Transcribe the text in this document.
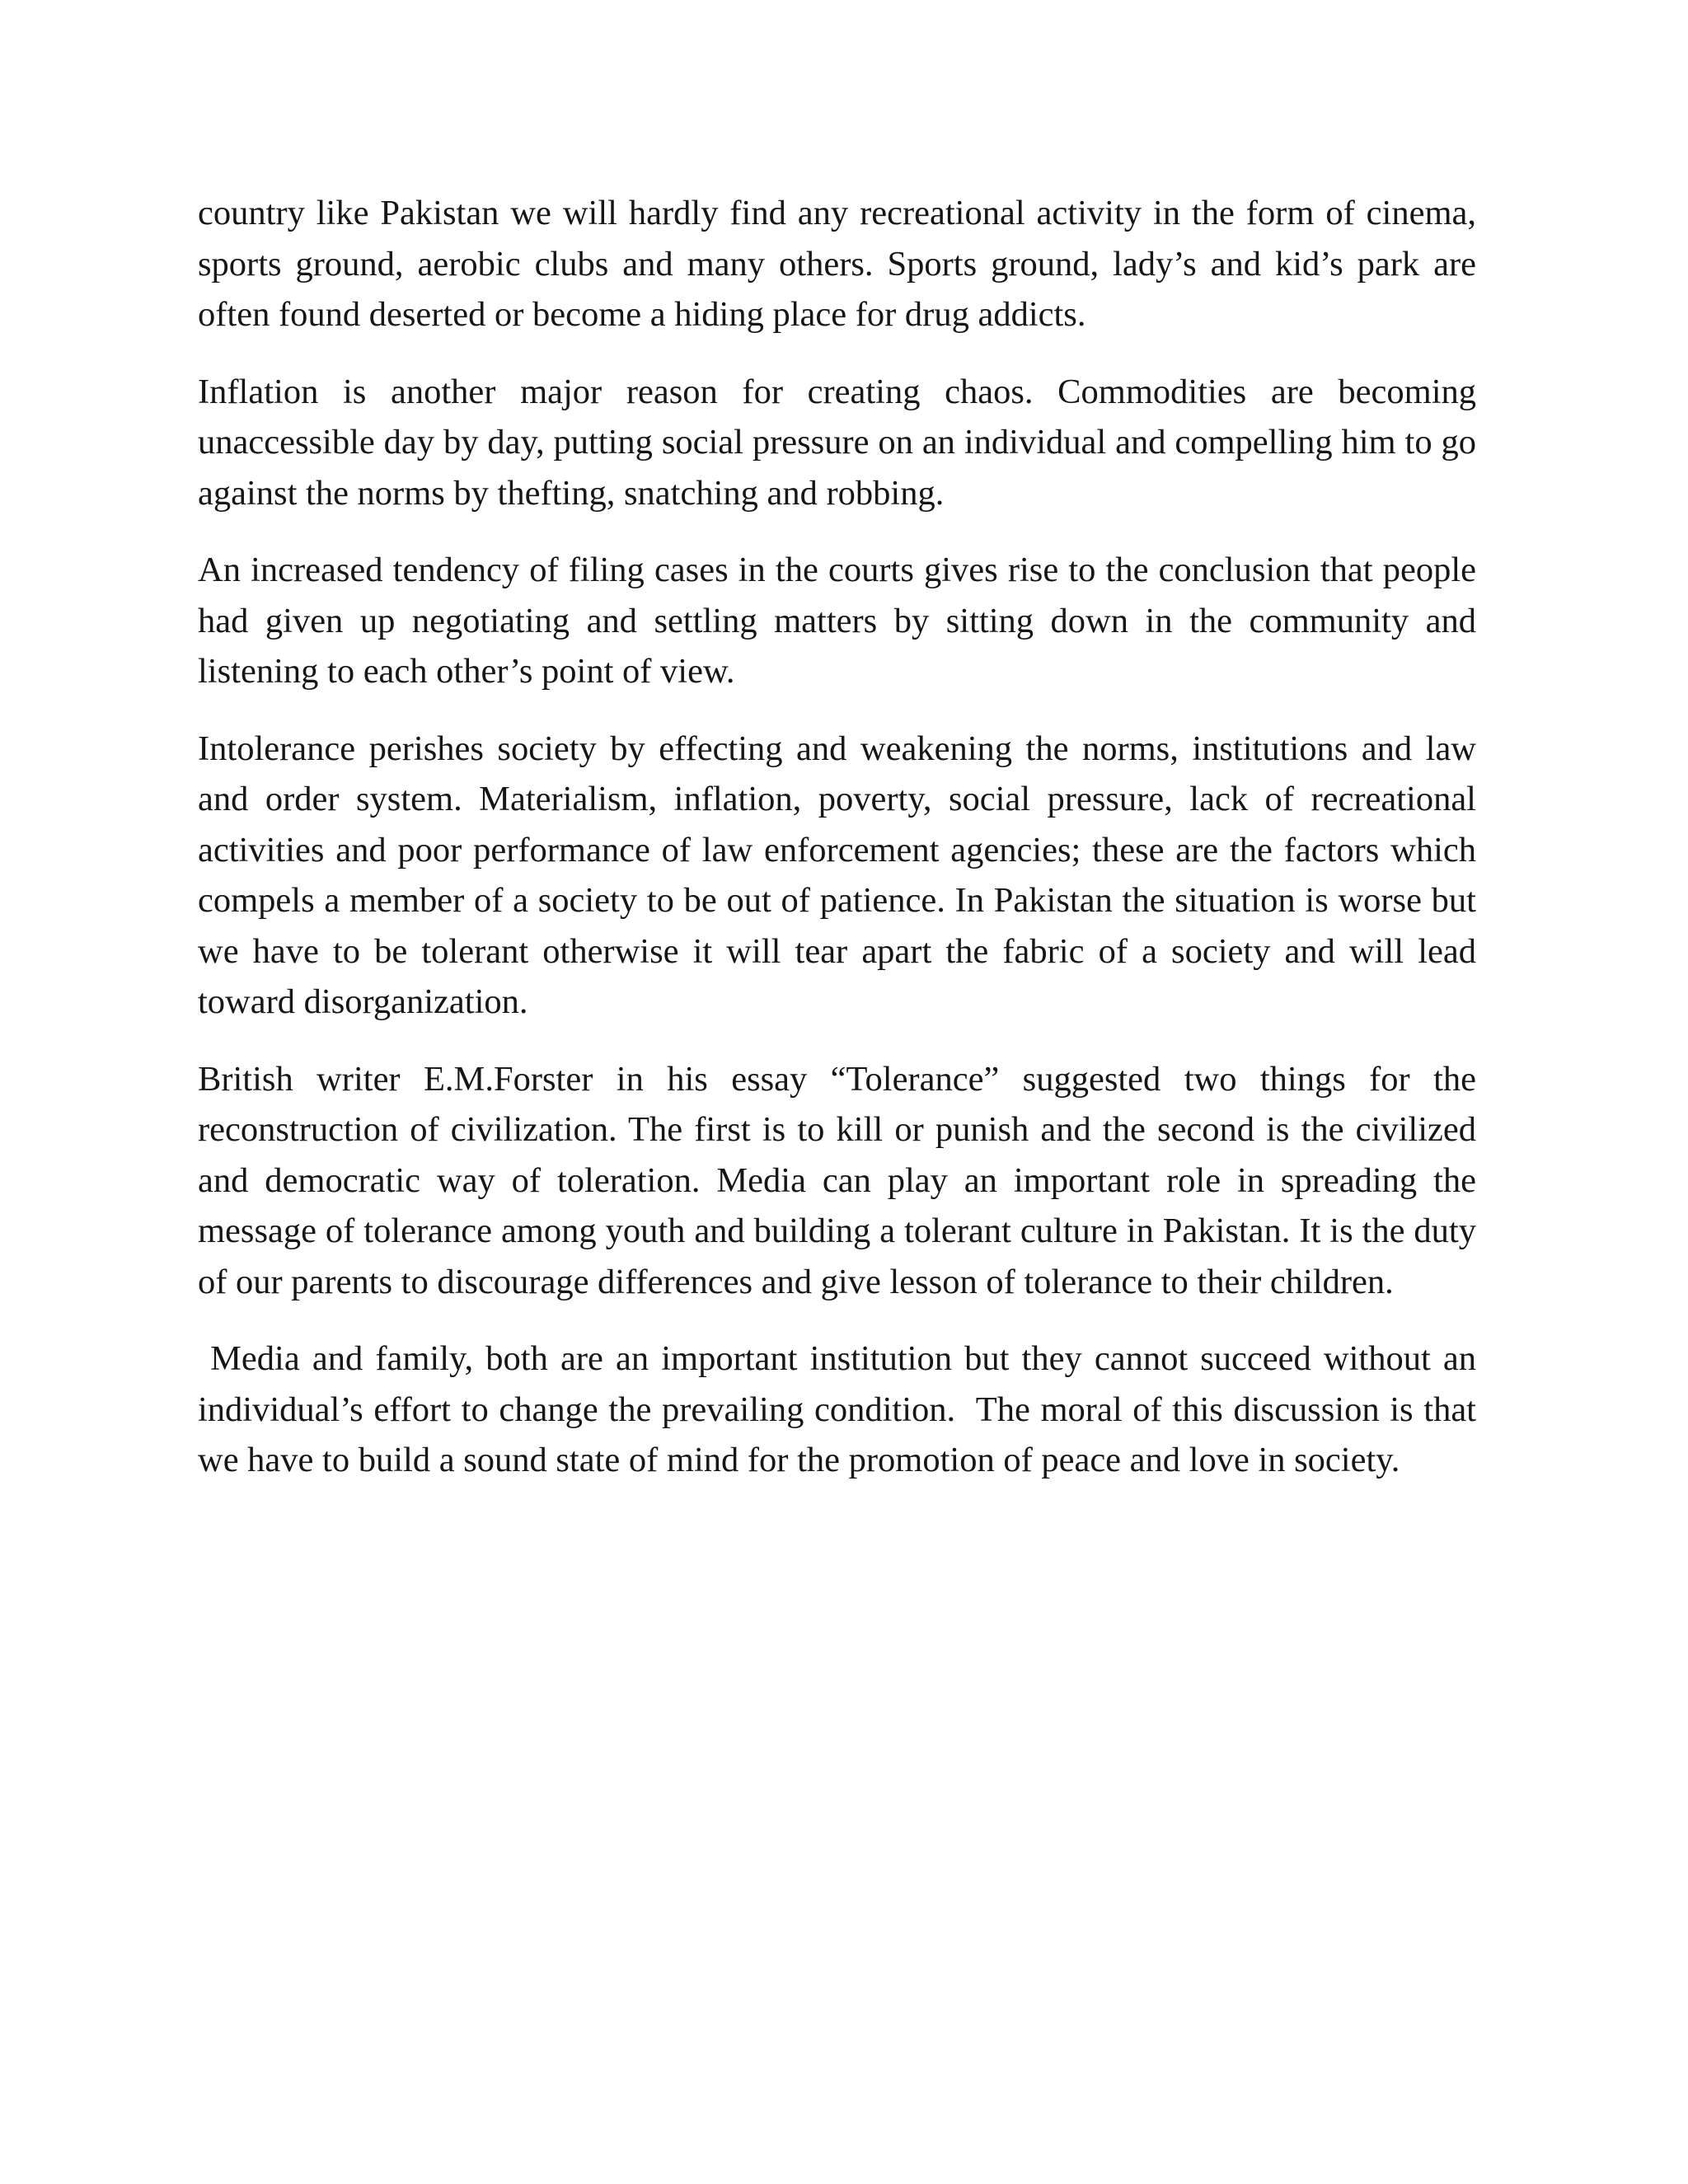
country like Pakistan we will hardly find any recreational activity in the form of cinema, sports ground, aerobic clubs and many others. Sports ground, lady’s and kid’s park are often found deserted or become a hiding place for drug addicts.

Inflation is another major reason for creating chaos. Commodities are becoming unaccessible day by day, putting social pressure on an individual and compelling him to go against the norms by thefting, snatching and robbing.

An increased tendency of filing cases in the courts gives rise to the conclusion that people had given up negotiating and settling matters by sitting down in the community and listening to each other’s point of view.

Intolerance perishes society by effecting and weakening the norms, institutions and law and order system. Materialism, inflation, poverty, social pressure, lack of recreational activities and poor performance of law enforcement agencies; these are the factors which compels a member of a society to be out of patience. In Pakistan the situation is worse but we have to be tolerant otherwise it will tear apart the fabric of a society and will lead toward disorganization.

British writer E.M.Forster in his essay “Tolerance” suggested two things for the reconstruction of civilization. The first is to kill or punish and the second is the civilized and democratic way of toleration. Media can play an important role in spreading the message of tolerance among youth and building a tolerant culture in Pakistan. It is the duty of our parents to discourage differences and give lesson of tolerance to their children.

Media and family, both are an important institution but they cannot succeed without an individual’s effort to change the prevailing condition.  The moral of this discussion is that we have to build a sound state of mind for the promotion of peace and love in society.
